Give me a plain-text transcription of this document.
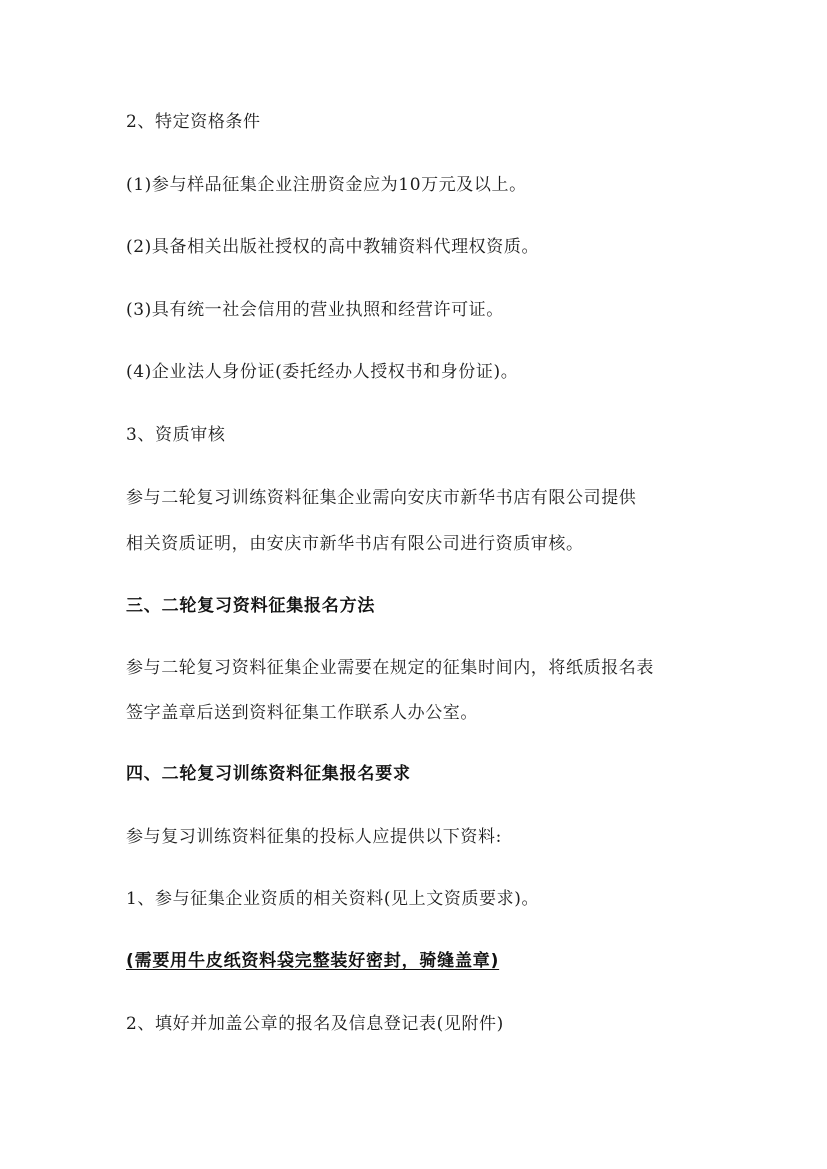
2、特定资格条件
(1)参与样品征集企业注册资金应为10万元及以上。
(2)具备相关出版社授权的高中教辅资料代理权资质。
(3)具有统一社会信用的营业执照和经营许可证。
(4)企业法人身份证(委托经办人授权书和身份证)。
3、资质审核
参与二轮复习训练资料征集企业需向安庆市新华书店有限公司提供
相关资质证明，由安庆市新华书店有限公司进行资质审核。
三、二轮复习资料征集报名方法
参与二轮复习资料征集企业需要在规定的征集时间内，将纸质报名表
签字盖章后送到资料征集工作联系人办公室。
四、二轮复习训练资料征集报名要求
参与复习训练资料征集的投标人应提供以下资料:
1、参与征集企业资质的相关资料(见上文资质要求)。
(需要用牛皮纸资料袋完整装好密封，骑缝盖章)
2、填好并加盖公章的报名及信息登记表(见附件)
